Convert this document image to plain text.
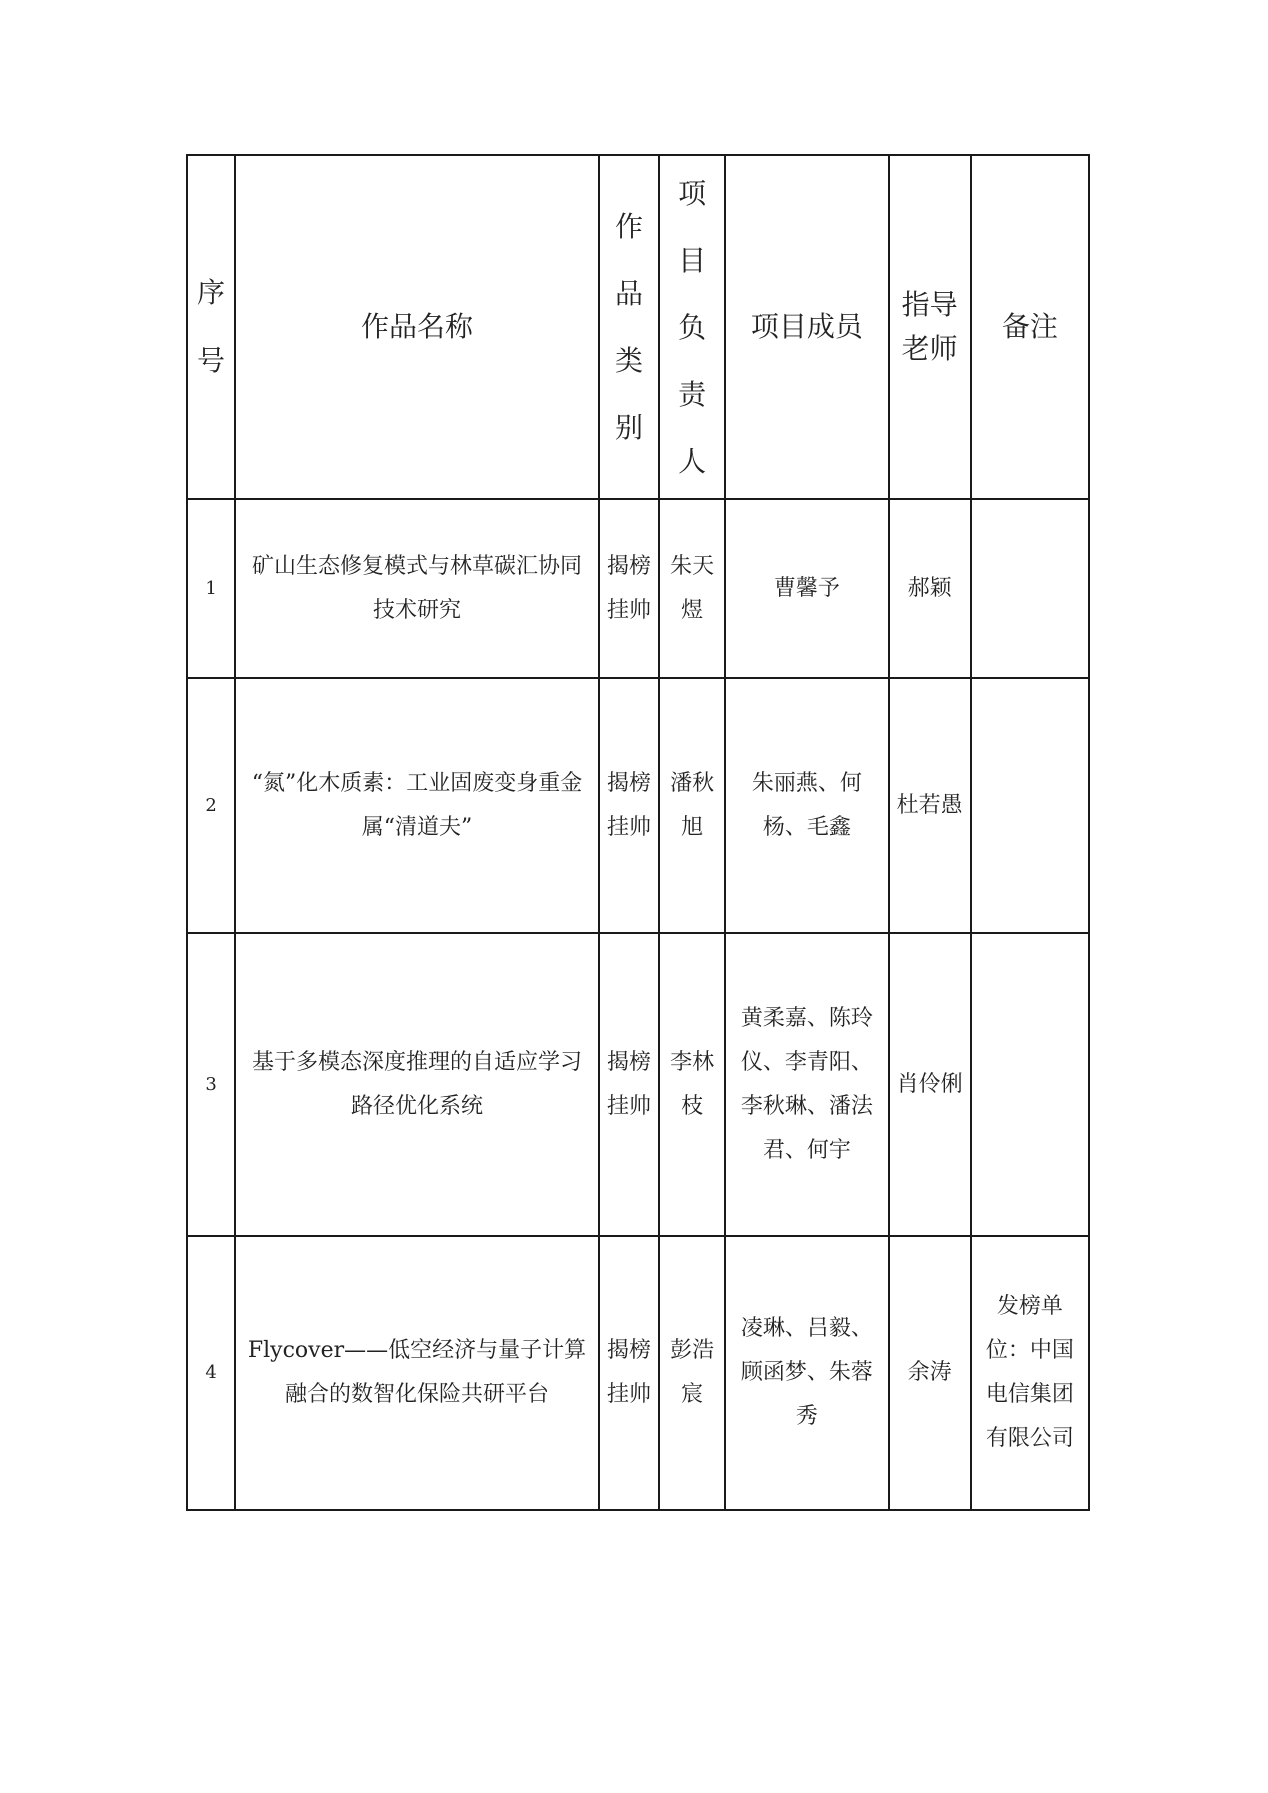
序号	作品名称	作品类别	项目负责人	项目成员	指导老师	备注

1	矿山生态修复模式与林草碳汇协同技术研究	揭榜挂帅	朱天煜	曹馨予	郝颖	

2	“氮”化木质素：工业固废变身重金属“清道夫”	揭榜挂帅	潘秋旭	朱丽燕、何杨、毛鑫	杜若愚	

3	基于多模态深度推理的自适应学习路径优化系统	揭榜挂帅	李林枝	黄柔嘉、陈玲仪、李青阳、李秋琳、潘法君、何宇	肖伶俐	

4	Flycover——低空经济与量子计算融合的数智化保险共研平台	揭榜挂帅	彭浩宸	凌琳、吕毅、顾函梦、朱蓉秀	余涛	发榜单位：中国电信集团有限公司
